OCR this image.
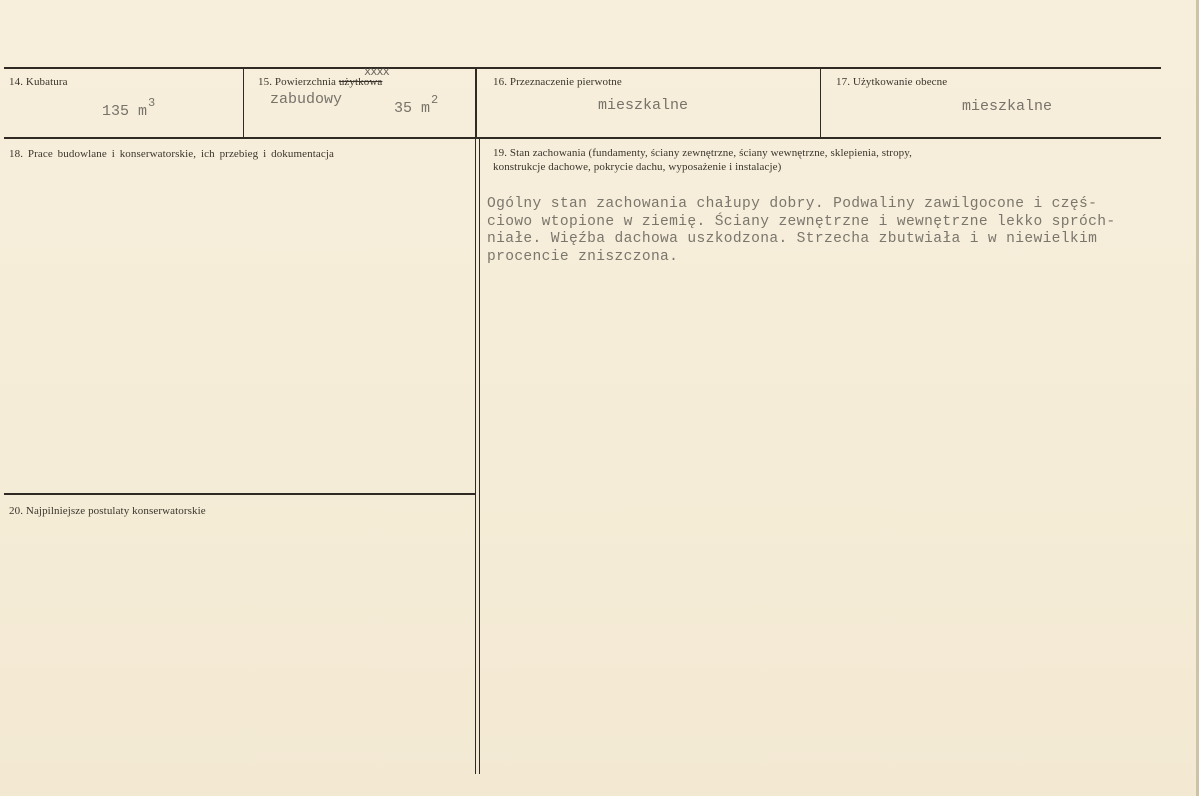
14. Kubatura
135 $m^3$
15. Powierzchnia użytkowa
xxxx
zabudowy
35 $m^2$
16. Przeznaczenie pierwotne
mieszkalne
17. Użytkowanie obecne
mieszkalne
18. Prace budowlane i konserwatorskie, ich przebieg i dokumentacja	19. Stan zachowania (fundamenty, ściany zewnętrzne, ściany wewnętrzne, sklepienia, stropy,
konstrukcje dachowe, pokrycie dachu, wyposażenie i instalacje)
Ogólny stan zachowania chałupy dobry. Podwaliny zawilgocone i częś-
ciowo wtopione w ziemię. Ściany zewnętrzne i wewnętrzne lekko spróch-
niałe. Więźba dachowa uszkodzona. Strzecha zbutwiała i w niewielkim
procencie zniszczona.
20. Najpilniejsze postulaty konserwatorskie
